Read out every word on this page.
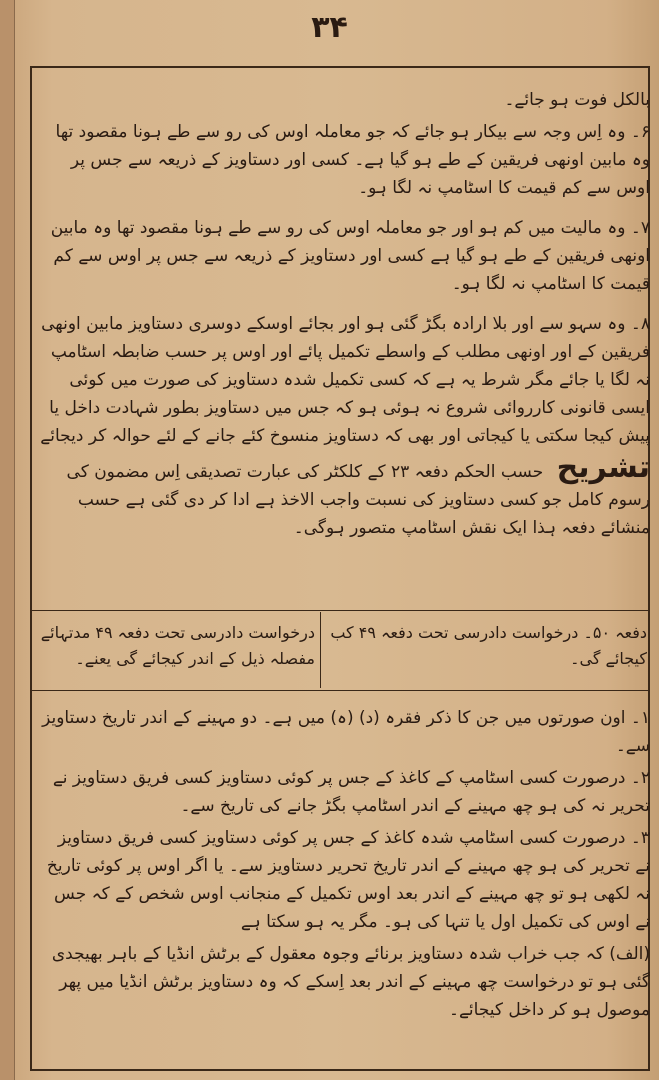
۳۴

بالکل فوت ہو جائے۔

۶۔ وہ اِس وجہ سے بیکار ہو جائے کہ جو معاملہ اوس کی رو سے طے ہونا مقصود تھا وہ مابین اونھی فریقین کے طے ہو گیا ہے۔ کسی اور دستاویز کے ذریعہ سے جس پر اوس سے کم قیمت کا اسٹامپ نہ لگا ہو۔

۷۔ وہ مالیت میں کم ہو اور جو معاملہ اوس کی رو سے طے ہونا مقصود تھا وہ مابین اونھی فریقین کے طے ہو گیا ہے کسی اور دستاویز کے ذریعہ سے جس پر اوس سے کم قیمت کا اسٹامپ نہ لگا ہو۔

۸۔ وہ سہو سے اور بلا ارادہ بگڑ گئی ہو اور بجائے اوسکے دوسری دستاویز مابین اونھی فریقین کے اور اونھی مطلب کے واسطے تکمیل پائے اور اوس پر حسب ضابطہ اسٹامپ نہ لگا یا جائے مگر شرط یہ ہے کہ کسی تکمیل شدہ دستاویز کی صورت میں کوئی ایسی قانونی کارروائی شروع نہ ہوئی ہو کہ جس میں دستاویز بطور شہادت داخل یا پیش کیجا سکتی یا کیجاتی اور بھی کہ دستاویز منسوخ کئے جانے کے لئے حوالہ کر دیجائے

تشریح حسب الحکم دفعہ ۲۳ کے کلکٹر کی عبارت تصدیقی اِس مضمون کی رسوم کامل جو کسی دستاویز کی نسبت واجب الاخذ ہے ادا کر دی گئی ہے حسب منشائے دفعہ ہذا ایک نقش اسٹامپ متصور ہوگی۔

دفعہ ۵۰۔ درخواست دادرسی تحت دفعہ ۴۹ کب کیجائے گی۔
درخواست دادرسی تحت دفعہ ۴۹ مدتہائے مفصلہ ذیل کے اندر کیجائے گی یعنے۔

۱۔ اون صورتوں میں جن کا ذکر فقرہ (د) (ہ) میں ہے۔ دو مہینے کے اندر تاریخ دستاویز سے۔

۲۔ درصورت کسی اسٹامپ کے کاغذ کے جس پر کوئی دستاویز کسی فریق دستاویز نے تحریر نہ کی ہو چھ مہینے کے اندر اسٹامپ بگڑ جانے کی تاریخ سے۔

۳۔ درصورت کسی اسٹامپ شدہ کاغذ کے جس پر کوئی دستاویز کسی فریق دستاویز نے تحریر کی ہو چھ مہینے کے اندر تاریخ تحریر دستاویز سے۔ یا اگر اوس پر کوئی تاریخ نہ لکھی ہو تو چھ مہینے کے اندر بعد اوس تکمیل کے منجانب اوس شخص کے کہ جس نے اوس کی تکمیل اول یا تنہا کی ہو۔ مگر یہ ہو سکتا ہے

(الف) کہ جب خراب شدہ دستاویز برنائے وجوہ معقول کے برٹش انڈیا کے باہر بھیجدی گئی ہو تو درخواست چھ مہینے کے اندر بعد اِسکے کہ وہ دستاویز برٹش انڈیا میں پھر موصول ہو کر داخل کیجائے۔
